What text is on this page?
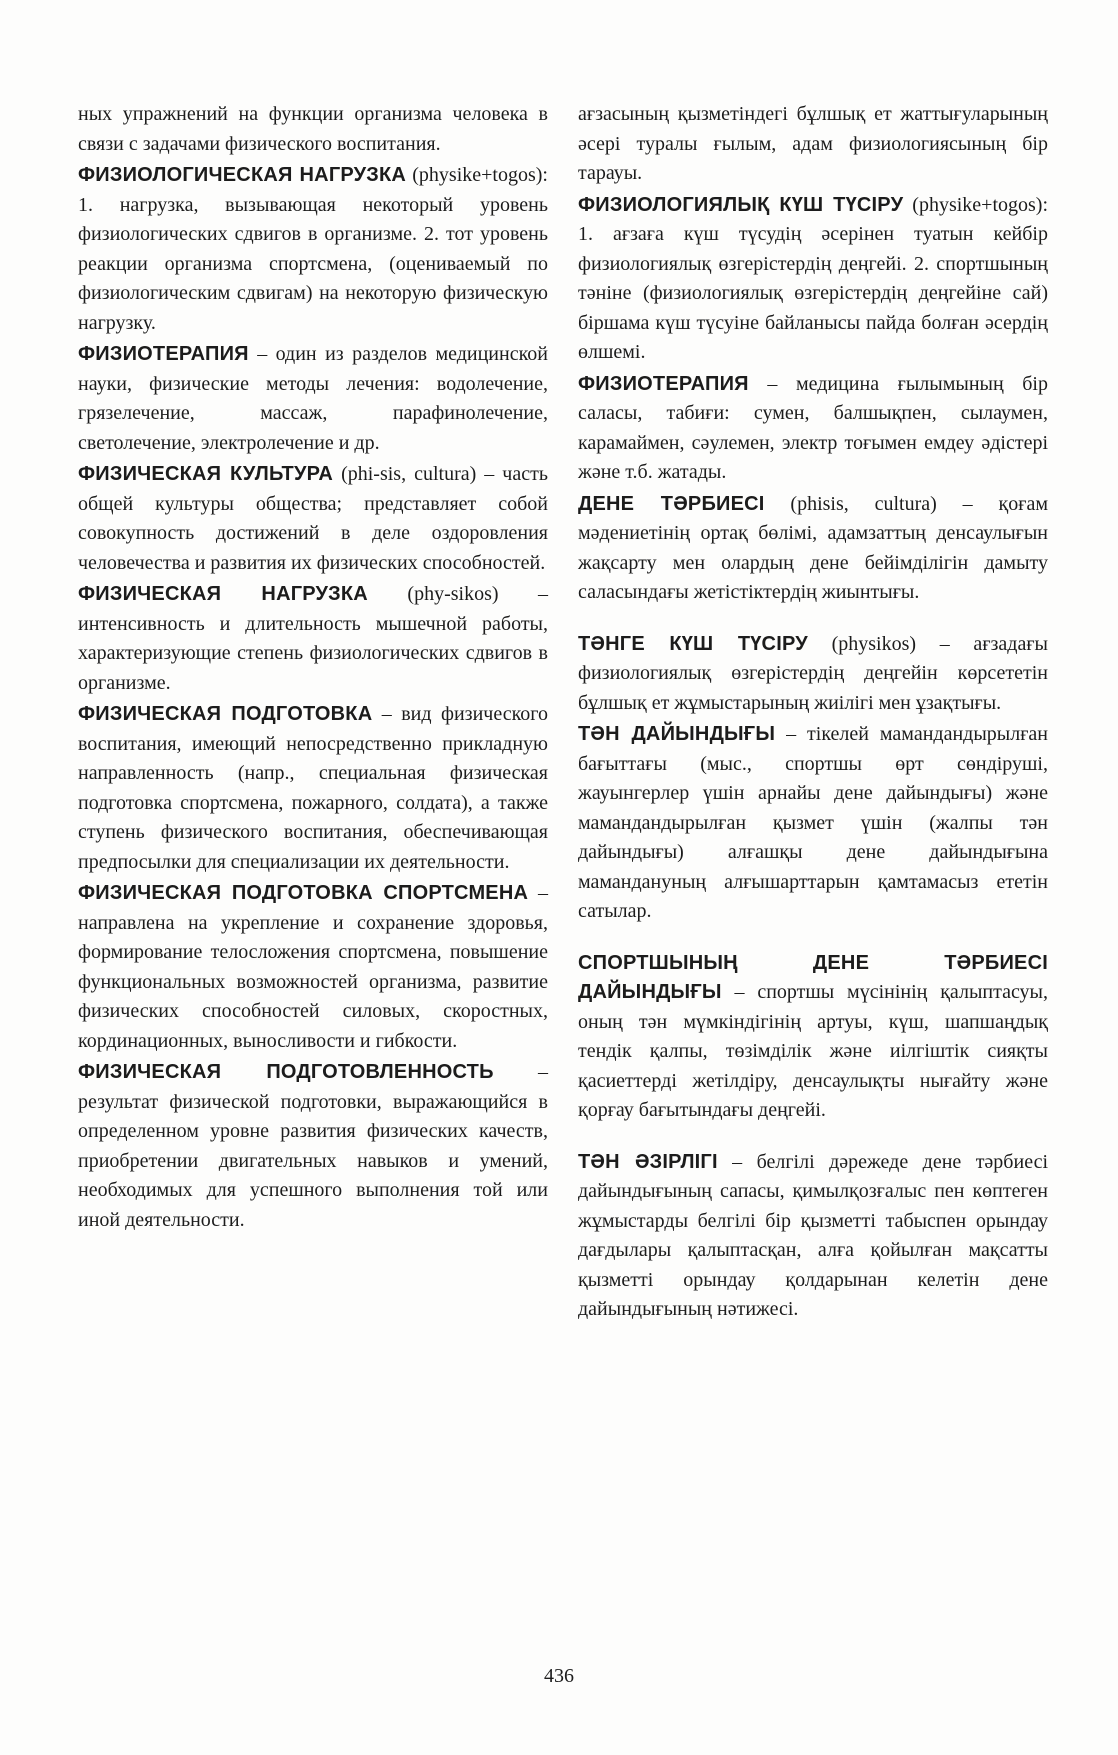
ных упражнений на функции организма человека в связи с задачами физического воспитания.

ФИЗИОЛОГИЧЕСКАЯ НАГРУЗКА (physike+togos): 1. нагрузка, вызывающая некоторый уровень физиологических сдвигов в организме. 2. тот уровень реакции организма спортсмена, (оцениваемый по физиологическим сдвигам) на некоторую физическую нагрузку.

ФИЗИОТЕРАПИЯ – один из разделов медицинской науки, физические методы лечения: водолечение, грязелечение, массаж, парафинолечение, светолечение, электролечение и др.

ФИЗИЧЕСКАЯ КУЛЬТУРА (phi-sis, cultura) – часть общей культуры общества; представляет собой совокупность достижений в деле оздоровления человечества и развития их физических способностей.

ФИЗИЧЕСКАЯ НАГРУЗКА (phy-sikos) – интенсивность и длительность мышечной работы, характеризующие степень физиологических сдвигов в организме.

ФИЗИЧЕСКАЯ ПОДГОТОВКА – вид физического воспитания, имеющий непосредственно прикладную направленность (напр., специальная физическая подготовка спортсмена, пожарного, солдата), а также ступень физического воспитания, обеспечивающая предпосылки для специализации их деятельности.

ФИЗИЧЕСКАЯ ПОДГОТОВКА СПОРТСМЕНА – направлена на укрепление и сохранение здоровья, формирование телосложения спортсмена, повышение функциональных возможностей организма, развитие физических способностей силовых, скоростных, кординационных, выносливости и гибкости.

ФИЗИЧЕСКАЯ ПОДГОТОВЛЕННОСТЬ – результат физической подготовки, выражающийся в определенном уровне развития физических качеств, приобретении двигательных навыков и умений, необходимых для успешного выполнения той или иной деятельности.

ағзасының қызметіндегі бұлшық ет жаттығуларының әсері туралы ғылым, адам физиологиясының бір тарауы.

ФИЗИОЛОГИЯЛЫҚ КҮШ ТҮСІРУ (physike+togos): 1. ағзаға күш түсудің әсерінен туатын кейбір физиологиялық өзгерістердің деңгейі. 2. спортшының тәніне (физиологиялық өзгерістердің деңгейіне сай) біршама күш түсуіне байланысы пайда болған әсердің өлшемі.

ФИЗИОТЕРАПИЯ – медицина ғылымының бір саласы, табиғи: сумен, балшықпен, сылаумен, карамаймен, сәулемен, электр тоғымен емдеу әдістері және т.б. жатады.

ДЕНЕ ТӘРБИЕСІ (phisis, cultura) – қоғам мәдениетінің ортақ бөлімі, адамзаттың денсаулығын жақсарту мен олардың дене бейімділігін дамыту саласындағы жетістіктердің жиынтығы.

ТӘНГЕ КҮШ ТҮСІРУ (physikos) – ағзадағы физиологиялық өзгерістердің деңгейін көрсететін бұлшық ет жұмыстарының жиілігі мен ұзақтығы.

ТӘН ДАЙЫНДЫҒЫ – тікелей мамандандырылған бағыттағы (мыс., спортшы өрт сөндіруші, жауынгерлер үшін арнайы дене дайындығы) және мамандандырылған қызмет үшін (жалпы тән дайындығы) алғашқы дене дайындығына мамандануның алғышарттарын қамтамасыз ететін сатылар.

СПОРТШЫНЫҢ ДЕНЕ ТӘРБИЕСІ ДАЙЫНДЫҒЫ – спортшы мүсінінің қалыптасуы, оның тән мүмкіндігінің артуы, күш, шапшаңдық тендік қалпы, төзімділік және иілгіштік сияқты қасиеттерді жетілдіру, денсаулықты нығайту және қорғау бағытындағы деңгейі.

ТӘН ӘЗІРЛІГІ – белгілі дәрежеде дене тәрбиесі дайындығының сапасы, қимылқозғалыс пен көптеген жұмыстарды белгілі бір қызметті табыспен орындау дағдылары қалыптасқан, алға қойылған мақсатты қызметті орындау қолдарынан келетін дене дайындығының нәтижесі.

436
